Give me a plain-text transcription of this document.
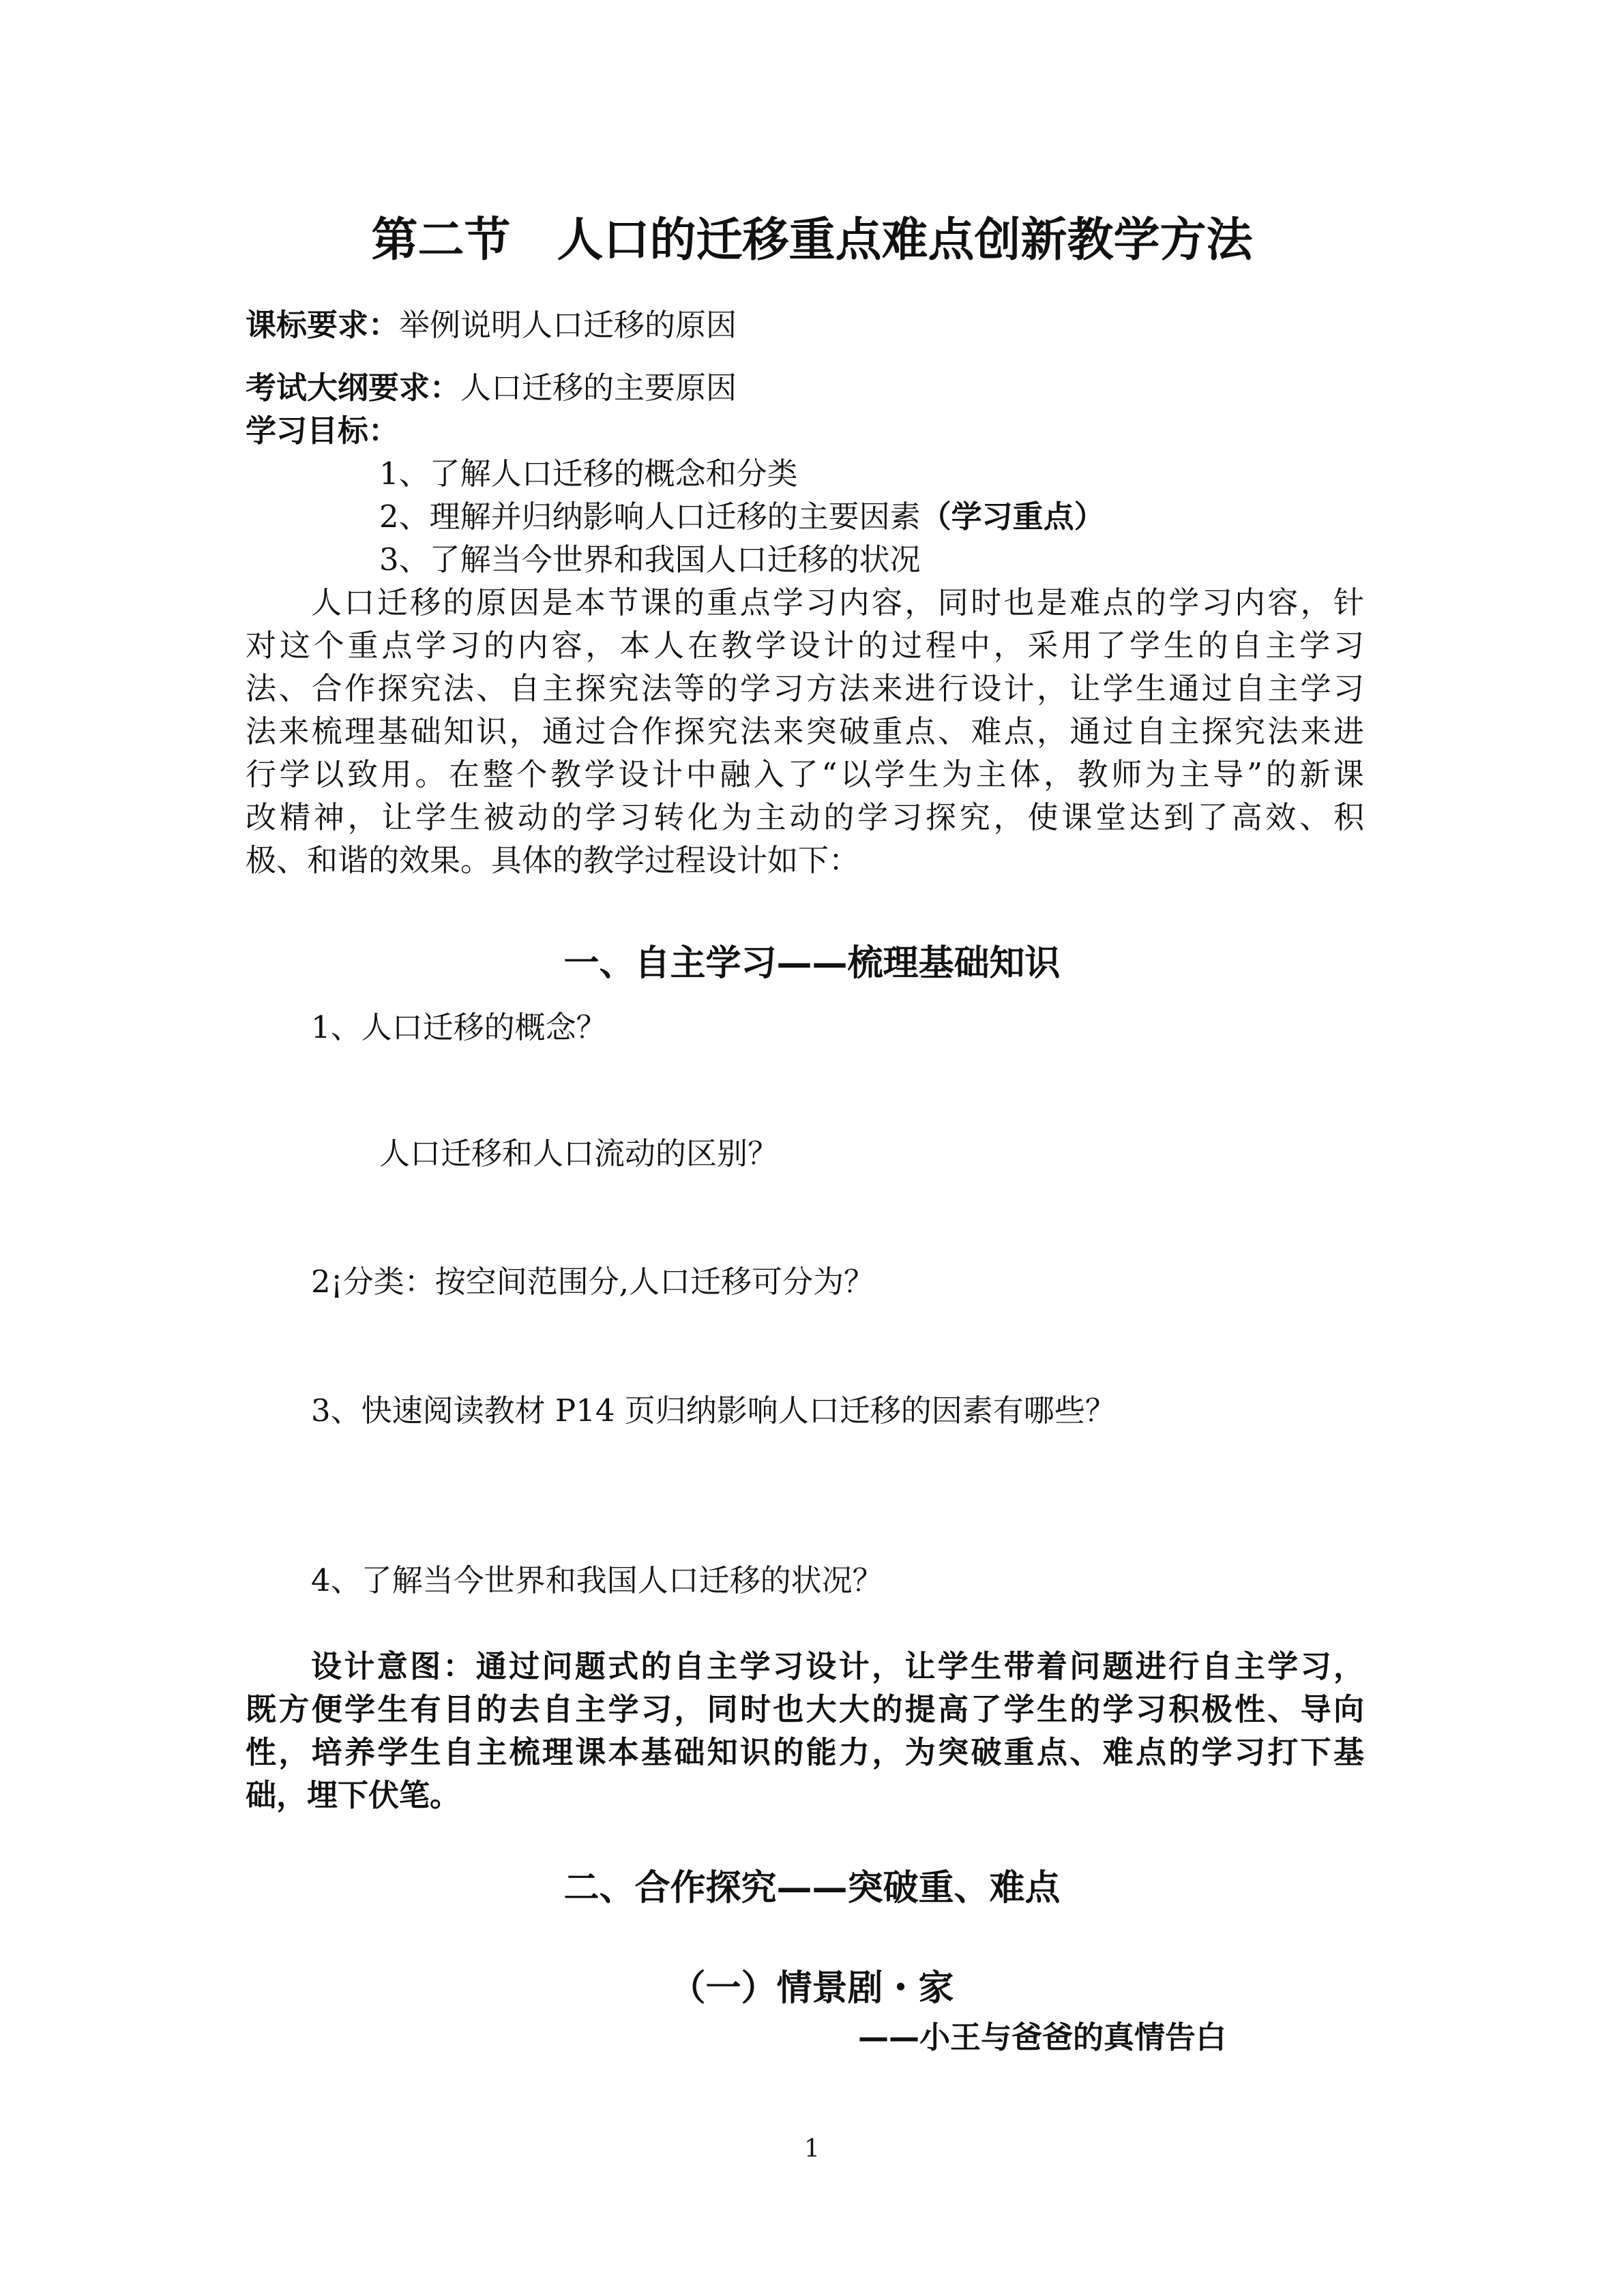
第二节　人口的迁移重点难点创新教学方法

课标要求：举例说明人口迁移的原因

考试大纲要求：人口迁移的主要原因

学习目标：

1、了解人口迁移的概念和分类

2、理解并归纳影响人口迁移的主要因素（学习重点）

3、了解当今世界和我国人口迁移的状况

人口迁移的原因是本节课的重点学习内容，同时也是难点的学习内容，针

对这个重点学习的内容，本人在教学设计的过程中，采用了学生的自主学习

法、合作探究法、自主探究法等的学习方法来进行设计，让学生通过自主学习

法来梳理基础知识，通过合作探究法来突破重点、难点，通过自主探究法来进

行学以致用。在整个教学设计中融入了“以学生为主体，教师为主导”的新课

改精神，让学生被动的学习转化为主动的学习探究，使课堂达到了高效、积

极、和谐的效果。具体的教学过程设计如下：

一、自主学习——梳理基础知识

1、人口迁移的概念？

人口迁移和人口流动的区别？

2¡分类：按空间范围分,人口迁移可分为？

3、快速阅读教材 P14 页归纳影响人口迁移的因素有哪些？

4、了解当今世界和我国人口迁移的状况？

设计意图：通过问题式的自主学习设计，让学生带着问题进行自主学习，

既方便学生有目的去自主学习，同时也大大的提高了学生的学习积极性、导向

性，培养学生自主梳理课本基础知识的能力，为突破重点、难点的学习打下基

础，埋下伏笔。

二、合作探究——突破重、难点
（一）情景剧・家

——小王与爸爸的真情告白

1
